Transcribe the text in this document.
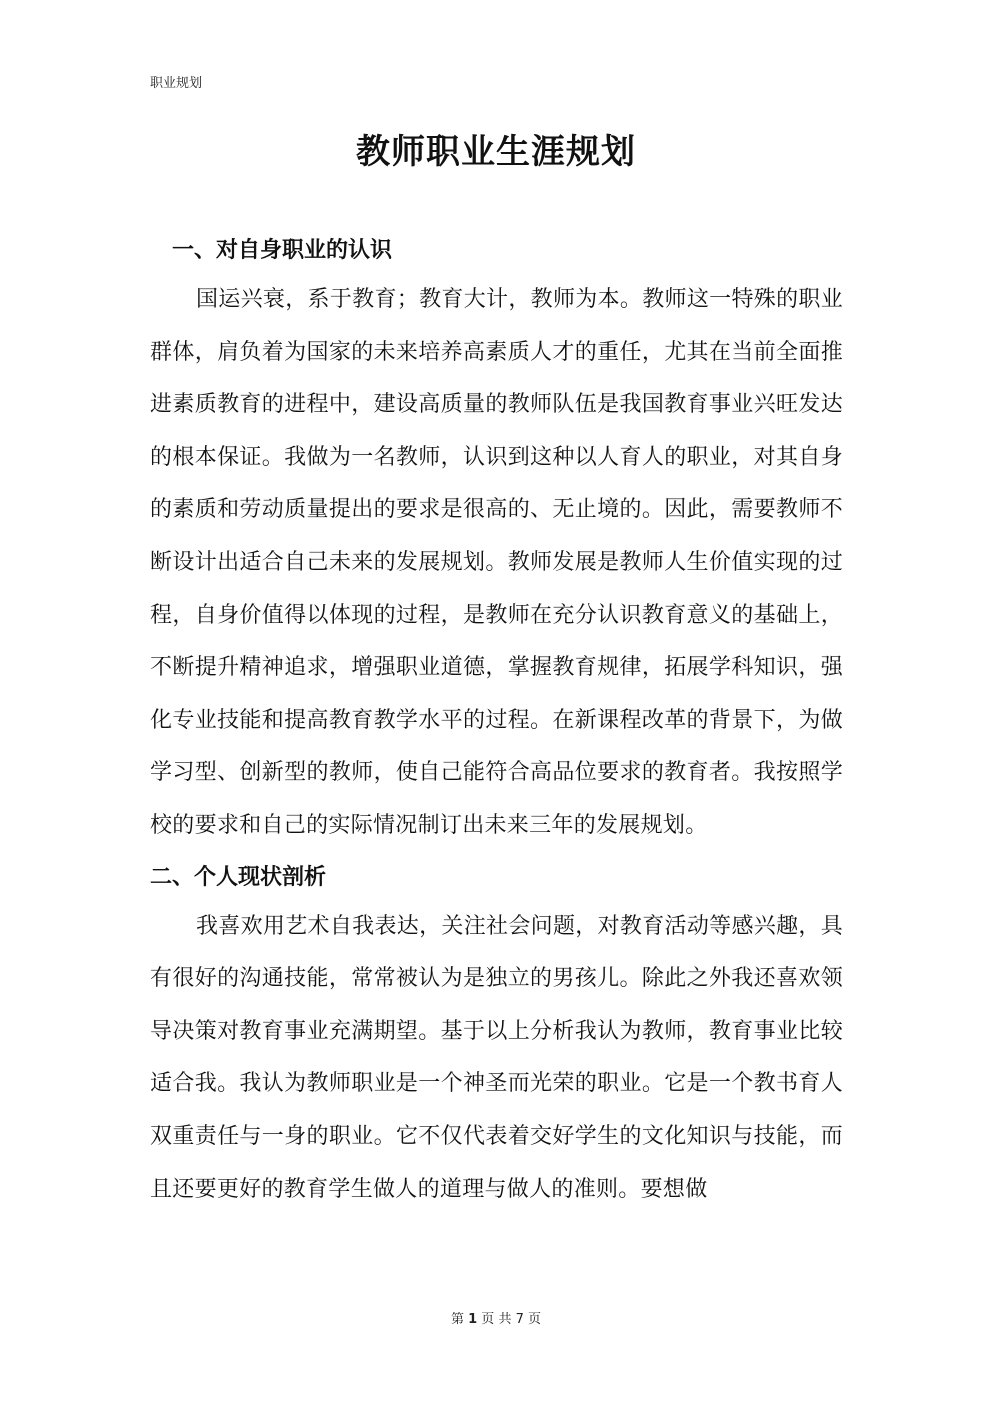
职业规划
教师职业生涯规划
一、对自身职业的认识

国运兴衰，系于教育；教育大计，教师为本。教师这一特殊的职业群体，肩负着为国家的未来培养高素质人才的重任，尤其在当前全面推进素质教育的进程中，建设高质量的教师队伍是我国教育事业兴旺发达的根本保证。我做为一名教师，认识到这种以人育人的职业，对其自身的素质和劳动质量提出的要求是很高的、无止境的。因此，需要教师不断设计出适合自己未来的发展规划。教师发展是教师人生价值实现的过程，自身价值得以体现的过程，是教师在充分认识教育意义的基础上，不断提升精神追求，增强职业道德，掌握教育规律，拓展学科知识，强化专业技能和提高教育教学水平的过程。在新课程改革的背景下，为做学习型、创新型的教师，使自己能符合高品位要求的教育者。我按照学校的要求和自己的实际情况制订出未来三年的发展规划。

二、个人现状剖析

我喜欢用艺术自我表达，关注社会问题，对教育活动等感兴趣，具有很好的沟通技能，常常被认为是独立的男孩儿。除此之外我还喜欢领导决策对教育事业充满期望。基于以上分析我认为教师，教育事业比较适合我。我认为教师职业是一个神圣而光荣的职业。它是一个教书育人双重责任与一身的职业。它不仅代表着交好学生的文化知识与技能，而且还要更好的教育学生做人的道理与做人的准则。要想做

第 1 页 共 7 页
